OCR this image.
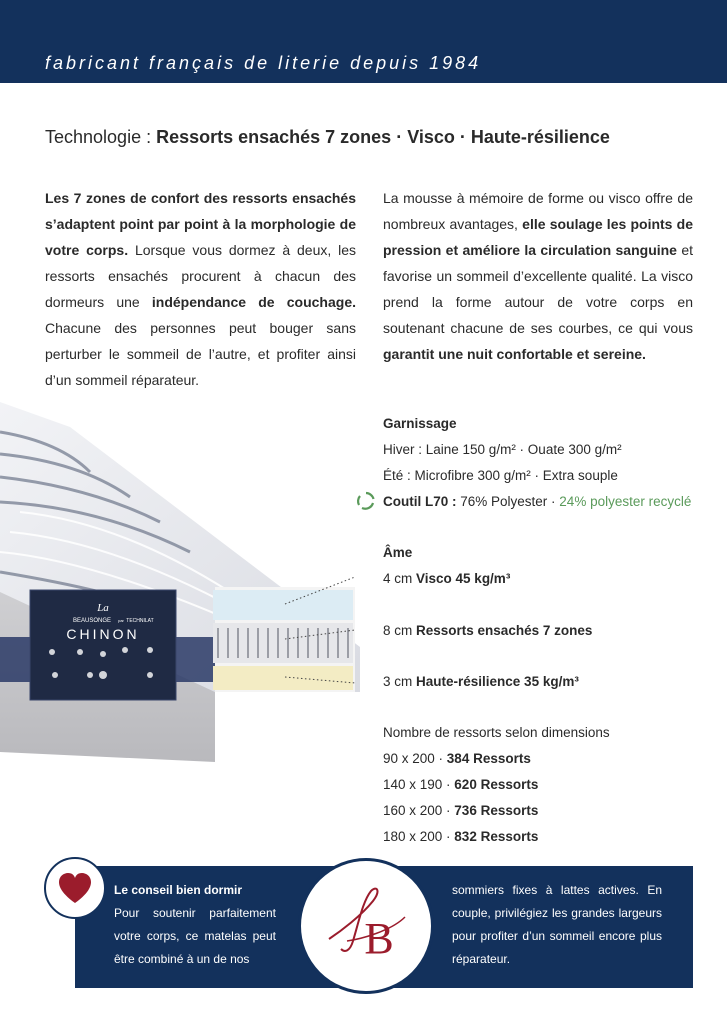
fabricant français de literie depuis 1984
Technologie : Ressorts ensachés 7 zones · Visco · Haute-résilience
Les 7 zones de confort des ressorts ensachés s’adaptent point par point à la morphologie de votre corps. Lorsque vous dormez à deux, les ressorts ensachés procurent à chacun des dormeurs une indépendance de couchage. Chacune des personnes peut bouger sans perturber le sommeil de l’autre, et profiter ainsi d’un sommeil réparateur.
La mousse à mémoire de forme ou visco offre de nombreux avantages, elle soulage les points de pression et améliore la circulation sanguine et favorise un sommeil d’excellente qualité. La visco prend la forme autour de votre corps en soutenant chacune de ses courbes, ce qui vous garantit une nuit confortable et sereine.
La
BEAUSONGE par TECHNILAT
CHINON
Garnissage
Hiver : Laine 150 g/m² · Ouate 300 g/m²
Été : Microfibre 300 g/m² · Extra souple
Coutil L70 : 76% Polyester · 24% polyester recyclé
Âme
4 cm Visco 45 kg/m³
8 cm Ressorts ensachés 7 zones
3 cm Haute-résilience 35 kg/m³
Nombre de ressorts selon dimensions
90 x 200 · 384 Ressorts
140 x 190 · 620 Ressorts
160 x 200 · 736 Ressorts
180 x 200 · 832 Ressorts
Le conseil bien dormir
Pour soutenir parfaitement votre corps, ce matelas peut être combiné à un de nos	B
sommiers fixes à lattes actives. En couple, privilégiez les grandes largeurs pour profiter d’un sommeil encore plus réparateur.
